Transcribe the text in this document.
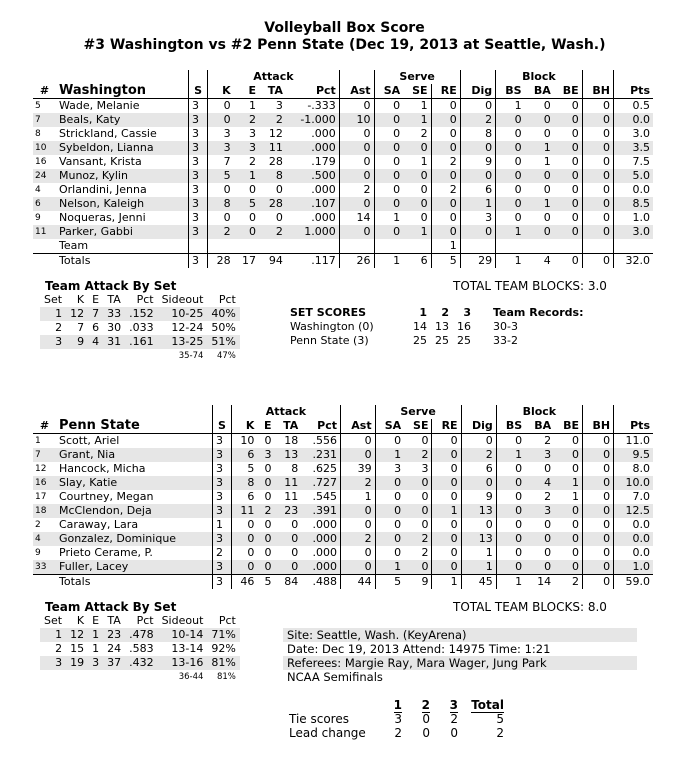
Volleyball Box Score
#3 Washington vs #2 Penn State (Dec 19, 2013 at Seattle, Wash.)
			Attack					Serve				Block				
#	Washington	S	K	E	TA	Pct	Ast	SA	SE	RE	Dig	BS	BA	BE	BH	Pts
5	Wade, Melanie	3	0	1	3	-.333	0	0	1	0	0	1	0	0	0	0.5
7	Beals, Katy	3	0	2	2	-1.000	10	0	1	0	2	0	0	0	0	0.0
8	Strickland, Cassie	3	3	3	12	.000	0	0	2	0	8	0	0	0	0	3.0
10	Sybeldon, Lianna	3	3	3	11	.000	0	0	0	0	0	0	1	0	0	3.5
16	Vansant, Krista	3	7	2	28	.179	0	0	1	2	9	0	1	0	0	7.5
24	Munoz, Kylin	3	5	1	8	.500	0	0	0	0	0	0	0	0	0	5.0
4	Orlandini, Jenna	3	0	0	0	.000	2	0	0	2	6	0	0	0	0	0.0
6	Nelson, Kaleigh	3	8	5	28	.107	0	0	0	0	1	0	1	0	0	8.5
9	Noqueras, Jenni	3	0	0	0	.000	14	1	0	0	3	0	0	0	0	1.0
11	Parker, Gabbi	3	2	0	2	1.000	0	0	1	0	0	1	0	0	0	3.0
	Team									1						
	Totals	3	28	17	94	.117	26	1	6	5	29	1	4	0	0	32.0
TOTAL TEAM BLOCKS: 3.0
Team Attack By Set
Set	K	E	TA	Pct	Sideout	Pct
1	12	7	33	.152	10-25	40%
2	7	6	30	.033	12-24	50%
3	9	4	31	.161	13-25	51%
					35-74	47%
SET SCORES	1	2	3	Team Records:
Washington (0)	14	13	16	30-3
Penn State (3)	25	25	25	33-2
			Attack					Serve				Block				
#	Penn State	S	K	E	TA	Pct	Ast	SA	SE	RE	Dig	BS	BA	BE	BH	Pts
1	Scott, Ariel	3	10	0	18	.556	0	0	0	0	0	0	2	0	0	11.0
7	Grant, Nia	3	6	3	13	.231	0	1	2	0	2	1	3	0	0	9.5
12	Hancock, Micha	3	5	0	8	.625	39	3	3	0	6	0	0	0	0	8.0
16	Slay, Katie	3	8	0	11	.727	2	0	0	0	0	0	4	1	0	10.0
17	Courtney, Megan	3	6	0	11	.545	1	0	0	0	9	0	2	1	0	7.0
18	McClendon, Deja	3	11	2	23	.391	0	0	0	1	13	0	3	0	0	12.5
2	Caraway, Lara	1	0	0	0	.000	0	0	0	0	0	0	0	0	0	0.0
4	Gonzalez, Dominique	3	0	0	0	.000	2	0	2	0	13	0	0	0	0	0.0
9	Prieto Cerame, P.	2	0	0	0	.000	0	0	2	0	1	0	0	0	0	0.0
33	Fuller, Lacey	3	0	0	0	.000	0	1	0	0	1	0	0	0	0	1.0
	Totals	3	46	5	84	.488	44	5	9	1	45	1	14	2	0	59.0
TOTAL TEAM BLOCKS: 8.0
Team Attack By Set
Set	K	E	TA	Pct	Sideout	Pct
1	12	1	23	.478	10-14	71%
2	15	1	24	.583	13-14	92%
3	19	3	37	.432	13-16	81%
					36-44	81%
Site: Seattle, Wash. (KeyArena)
Date: Dec 19, 2013 Attend: 14975 Time: 1:21
Referees: Margie Ray, Mara Wager, Jung Park
NCAA Semifinals
	1	2	3	Total
Tie scores	3	0	2	5
Lead change	2	0	0	2
